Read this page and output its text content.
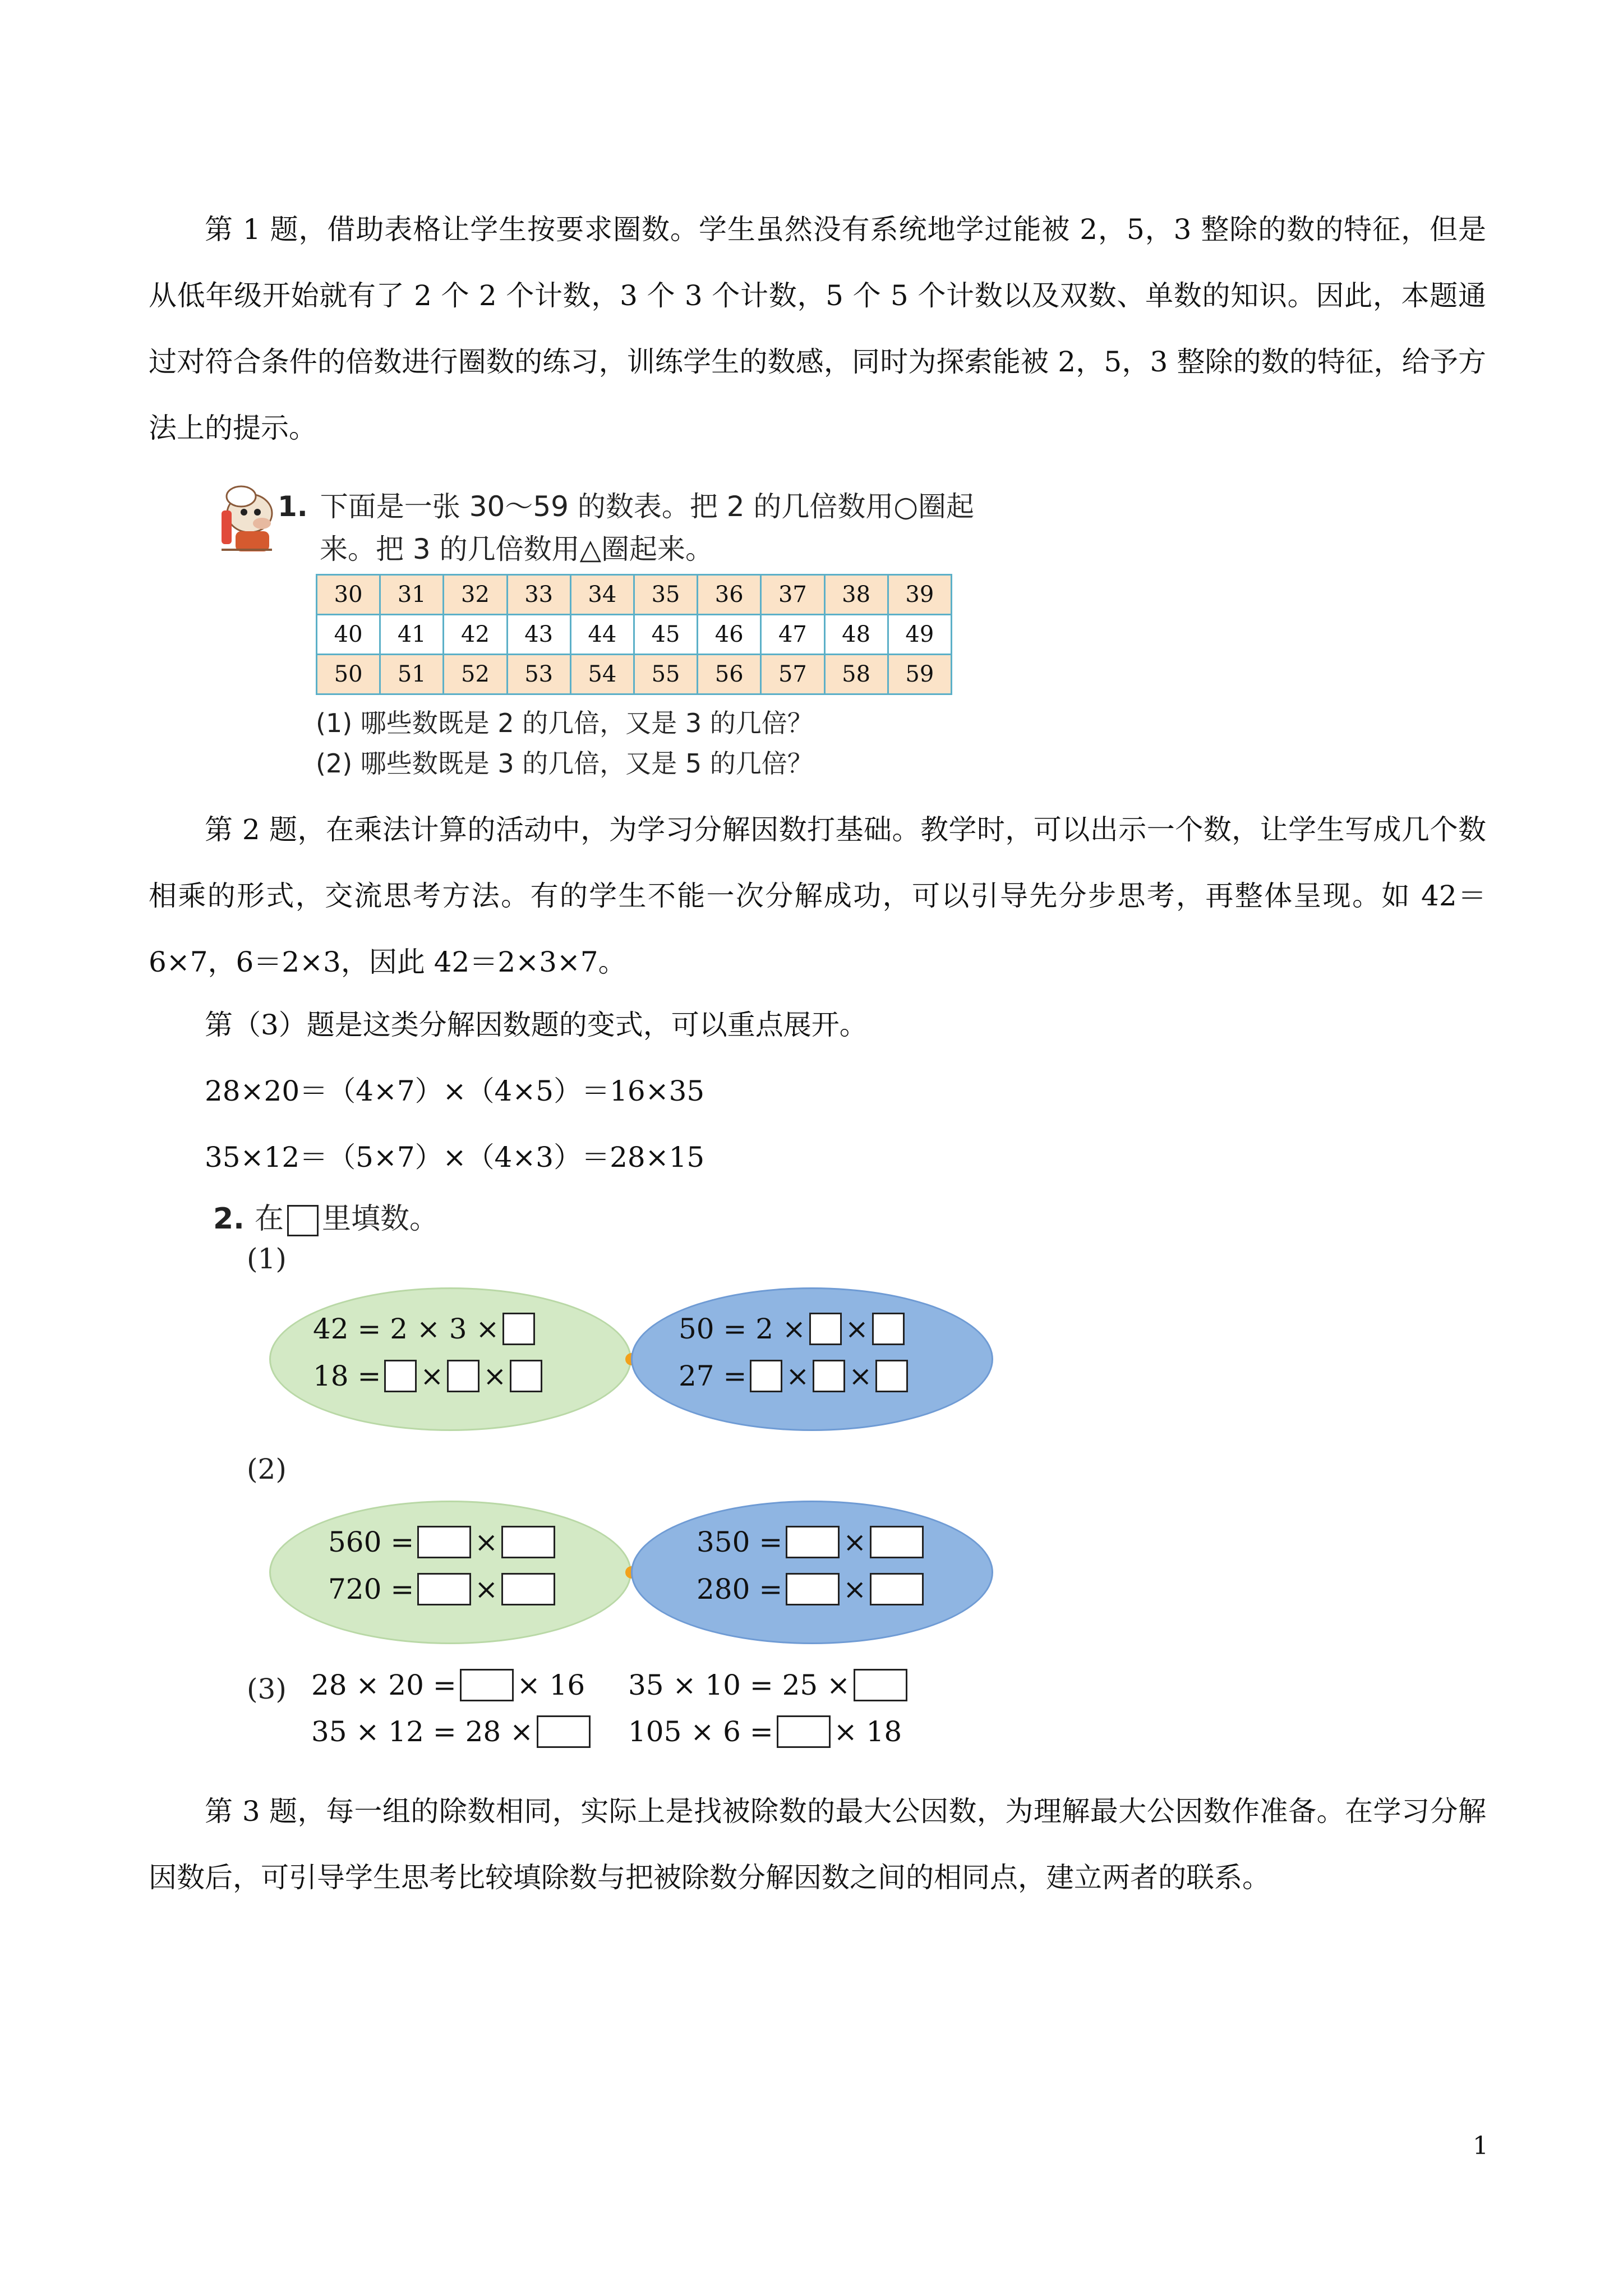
第 1 题，借助表格让学生按要求圈数。学生虽然没有系统地学过能被 2，5，3 整除的数的特征，但是从低年级开始就有了 2 个 2 个计数，3 个 3 个计数，5 个 5 个计数以及双数、单数的知识。因此，本题通过对符合条件的倍数进行圈数的练习，训练学生的数感，同时为探索能被 2，5，3 整除的数的特征，给予方法上的提示。

1. 下面是一张 30～59 的数表。把 2 的几倍数用○圈起
来。把 3 的几倍数用△圈起来。
30	31	32	33	34	35	36	37	38	39
40	41	42	43	44	45	46	47	48	49
50	51	52	53	54	55	56	57	58	59
(1) 哪些数既是 2 的几倍，又是 3 的几倍？
(2) 哪些数既是 3 的几倍，又是 5 的几倍？

第 2 题，在乘法计算的活动中，为学习分解因数打基础。教学时，可以出示一个数，让学生写成几个数相乘的形式，交流思考方法。有的学生不能一次分解成功，可以引导先分步思考，再整体呈现。如 42＝6×7，6＝2×3，因此 42＝2×3×7。

第（3）题是这类分解因数题的变式，可以重点展开。

28×20＝（4×7）×（4×5）＝16×35

35×12＝（5×7）×（4×3）＝28×15

2. 在 里填数。
(1)
42 = 2 × 3 ×
18 = × ×
50 = 2 × ×
27 = × ×
(2)
560 = ×
720 = ×
350 = ×
280 = ×
(3) 28 × 20 = × 16
35 × 12 = 28 ×
35 × 10 = 25 ×
105 × 6 = × 18

第 3 题，每一组的除数相同，实际上是找被除数的最大公因数，为理解最大公因数作准备。在学习分解因数后，可引导学生思考比较填除数与把被除数分解因数之间的相同点，建立两者的联系。

1
